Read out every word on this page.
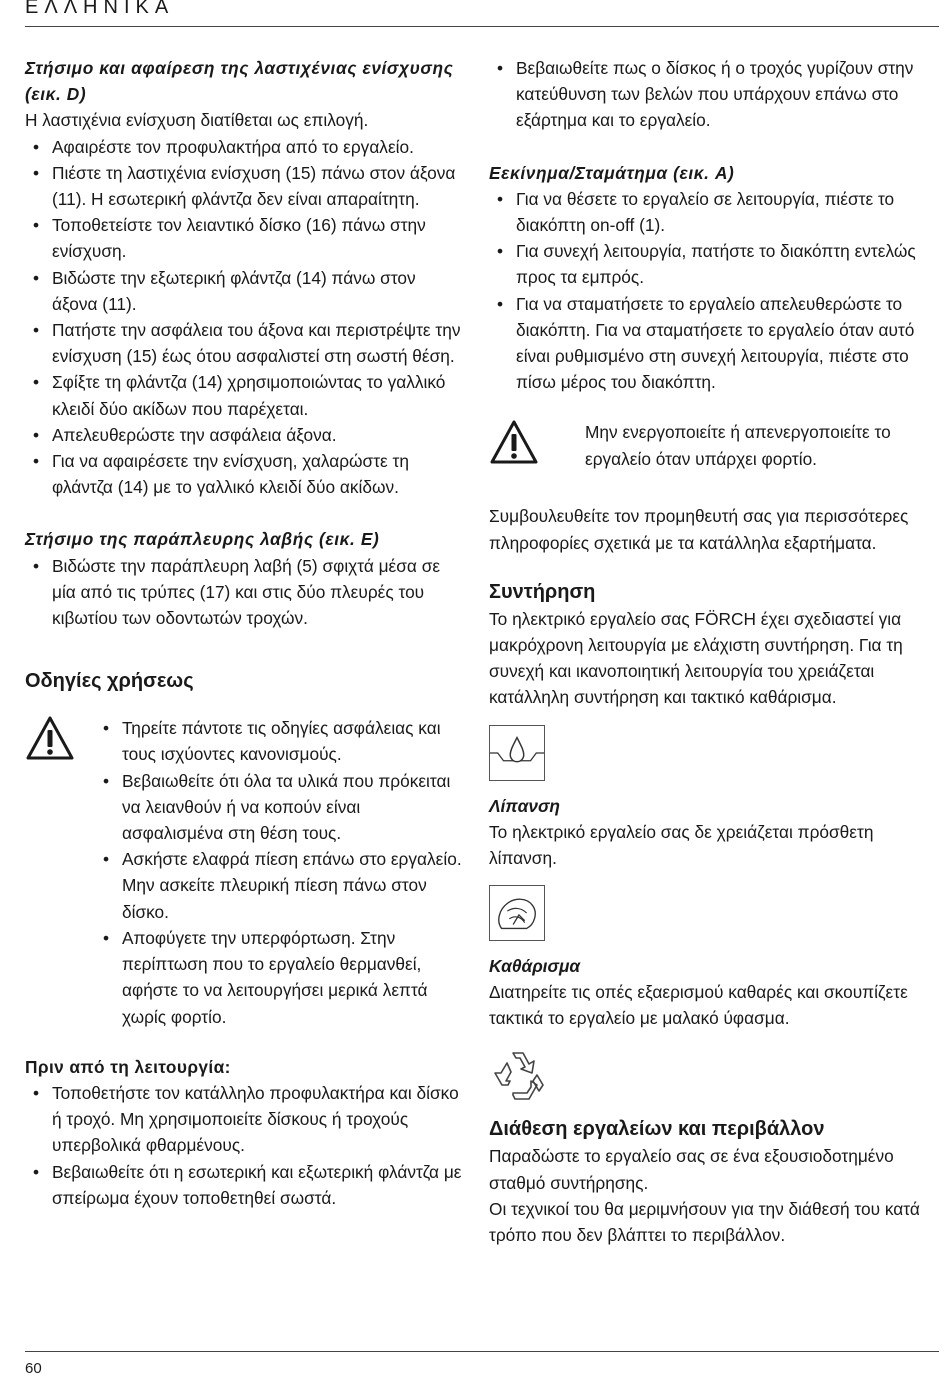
ΕΛΛΗΝΙΚΑ
Στήσιμο και αφαίρεση της λαστιχένιας ενίσχυσης (εικ. D)
Η λαστιχένια ενίσχυση διατίθεται ως επιλογή.
• Αφαιρέστε τον προφυλακτήρα από το εργαλείο.
• Πιέστε τη λαστιχένια ενίσχυση (15) πάνω στον άξονα (11). Η εσωτερική φλάντζα δεν είναι απαραίτητη.
• Τοποθετείστε τον λειαντικό δίσκο (16) πάνω στην ενίσχυση.
• Βιδώστε την εξωτερική φλάντζα (14) πάνω στον άξονα (11).
• Πατήστε την ασφάλεια του άξονα και περιστρέψτε την ενίσχυση (15) έως ότου ασφαλιστεί στη σωστή θέση.
• Σφίξτε τη φλάντζα (14) χρησιμοποιώντας το γαλλικό κλειδί δύο ακίδων που παρέχεται.
• Απελευθερώστε την ασφάλεια άξονα.
• Για να αφαιρέσετε την ενίσχυση, χαλαρώστε τη φλάντζα (14) με το γαλλικό κλειδί δύο ακίδων.
Στήσιμο της παράπλευρης λαβής (εικ. E)
• Βιδώστε την παράπλευρη λαβή (5) σφιχτά μέσα σε μία από τις τρύπες (17) και στις δύο πλευρές του κιβωτίου των οδοντωτών τροχών.
Οδηγίες χρήσεως
• Τηρείτε πάντοτε τις οδηγίες ασφάλειας και τους ισχύοντες κανονισμούς.
• Βεβαιωθείτε ότι όλα τα υλικά που πρόκειται να λειανθούν ή να κοπούν είναι ασφαλισμένα στη θέση τους.
• Ασκήστε ελαφρά πίεση επάνω στο εργαλείο. Μην ασκείτε πλευρική πίεση πάνω στον δίσκο.
• Αποφύγετε την υπερφόρτωση. Στην περίπτωση που το εργαλείο θερμανθεί, αφήστε το να λειτουργήσει μερικά λεπτά χωρίς φορτίο.
Πριν από τη λειτουργία:
• Τοποθετήστε τον κατάλληλο προφυλακτήρα και δίσκο ή τροχό. Μη χρησιμοποιείτε δίσκους ή τροχούς υπερβολικά φθαρμένους.
• Βεβαιωθείτε ότι η εσωτερική και εξωτερική φλάντζα με σπείρωμα έχουν τοποθετηθεί σωστά.
• Βεβαιωθείτε πως ο δίσκος ή ο τροχός γυρίζουν στην κατεύθυνση των βελών που υπάρχουν επάνω στο εξάρτημα και το εργαλείο.
Εεκίνημα/Σταμάτημα (εικ. A)
• Για να θέσετε το εργαλείο σε λειτουργία, πιέστε το διακόπτη on-off (1).
• Για συνεχή λειτουργία, πατήστε το διακόπτη εντελώς προς τα εμπρός.
• Για να σταματήσετε το εργαλείο απελευθερώστε το διακόπτη. Για να σταματήσετε το εργαλείο όταν αυτό είναι ρυθμισμένο στη συνεχή λειτουργία, πιέστε στο πίσω μέρος του διακόπτη.
Μην ενεργοποιείτε ή απενεργοποιείτε το εργαλείο όταν υπάρχει φορτίο.
Συμβουλευθείτε τον προμηθευτή σας για περισσότερες πληροφορίες σχετικά με τα κατάλληλα εξαρτήματα.
Συντήρηση
Το ηλεκτρικό εργαλείο σας FÖRCH έχει σχεδιαστεί για μακρόχρονη λειτουργία με ελάχιστη συντήρηση. Για τη συνεχή και ικανοποιητική λειτουργία του χρειάζεται κατάλληλη συντήρηση και τακτικό καθάρισμα.
Λίπανση
Το ηλεκτρικό εργαλείο σας δε χρειάζεται πρόσθετη λίπανση.
Καθάρισμα
Διατηρείτε τις οπές εξαερισμού καθαρές και σκουπίζετε τακτικά το εργαλείο με μαλακό ύφασμα.
Διάθεση εργαλείων και περιβάλλον
Παραδώστε το εργαλείο σας σε ένα εξουσιοδοτημένο σταθμό συντήρησης.
Οι τεχνικοί του θα μεριμνήσουν για την διάθεσή του κατά τρόπο που δεν βλάπτει το περιβάλλον.
60
